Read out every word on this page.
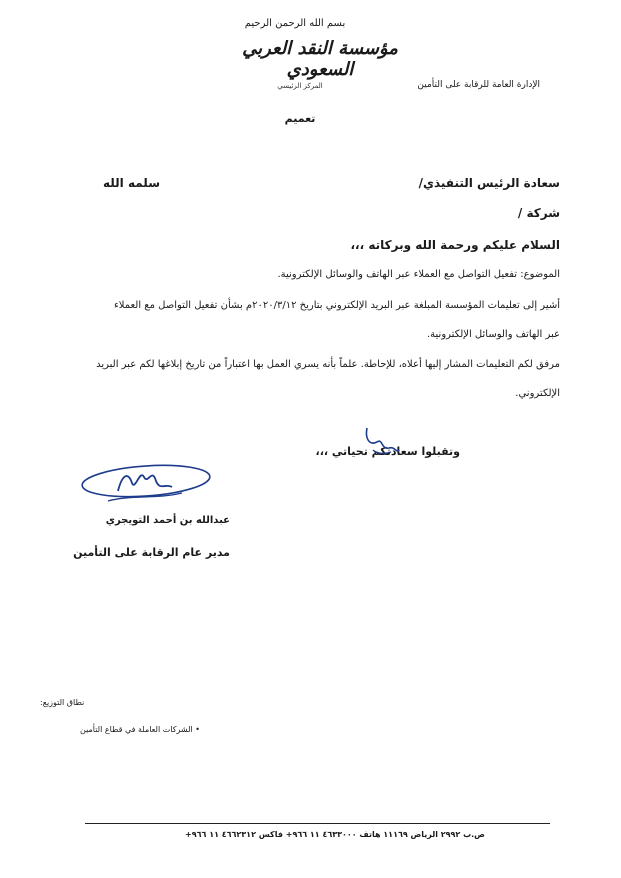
بسم الله الرحمن الرحيم
مؤسسة النقد العربي السعودي
المركز الرئيسي	الإدارة العامة للرقابة على التأمين
تعميم
سعادة الرئيس التنفيذي/
سلمه الله
شركة /
السلام عليكم ورحمة الله وبركاته ،،،
الموضوع: تفعيل التواصل مع العملاء عبر الهاتف والوسائل الإلكترونية.
أشير إلى تعليمات المؤسسة المبلغة عبر البريد الإلكتروني بتاريخ ٢٠٢٠/٣/١٢م بشأن تفعيل التواصل مع العملاء عبر الهاتف والوسائل الإلكترونية.
مرفق لكم التعليمات المشار إليها أعلاه، للإحاطة. علماً بأنه يسري العمل بها اعتباراً من تاريخ إبلاغها لكم عبر البريد الإلكتروني.
وتقبلوا سعادتكم تحياتي ،،،
عبدالله بن أحمد التويجري
مدير عام الرقابة على التأمين
نطاق التوزيع:
• الشركات العاملة في قطاع التأمين
ص.ب ٢٩٩٢ الرياض ١١١٦٩ هاتف ٤٦٣٣٠٠٠ ١١ ٩٦٦+ فاكس ٤٦٦٢٣١٢ ١١ ٩٦٦+
